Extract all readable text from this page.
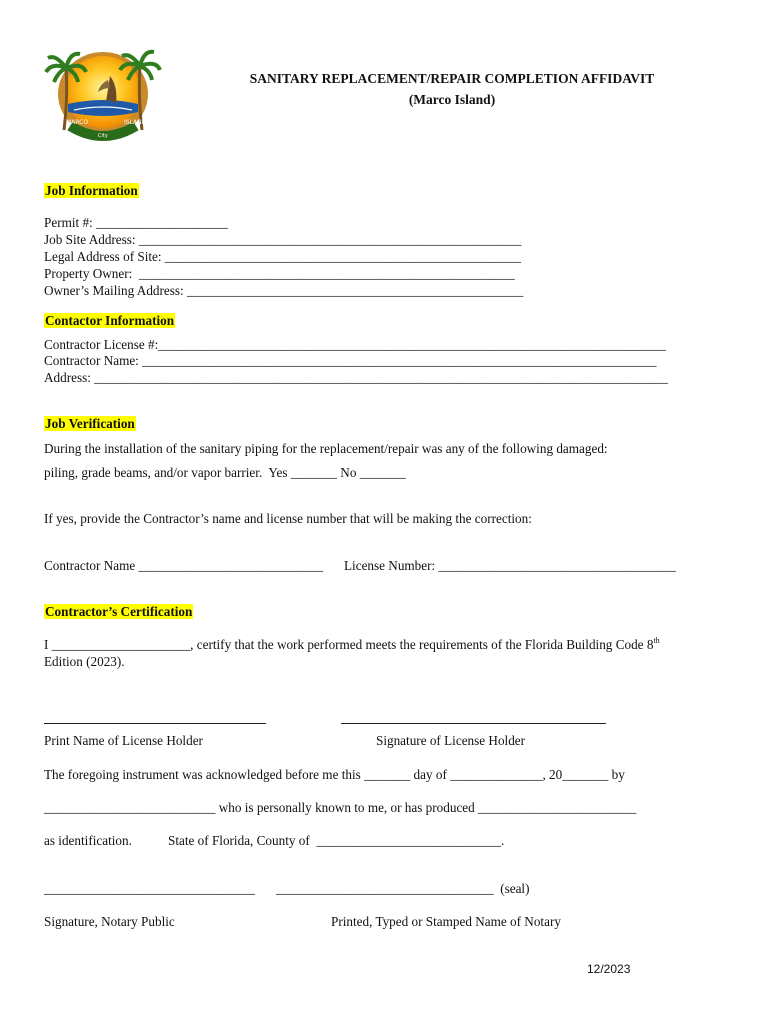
MARCO	ISLAND
City
SANITARY REPLACEMENT/REPAIR COMPLETION AFFIDAVIT
(Marco Island)
Job Information
Permit #: ____________________
Job Site Address: __________________________________________________________
Legal Address of Site: ______________________________________________________
Property Owner:  _________________________________________________________
Owner’s Mailing Address: ___________________________________________________
Contactor Information
Contractor License #:_____________________________________________________________________________
Contractor Name: ______________________________________________________________________________
Address: _______________________________________________________________________________________
Job Verification
During the installation of the sanitary piping for the replacement/repair was any of the following damaged:
piling, grade beams, and/or vapor barrier.  Yes _______ No _______
If yes, provide the Contractor’s name and license number that will be making the correction:
Contractor Name ____________________________ License Number: ____________________________________
Contractor’s Certification
I _____________________, certify that the work performed meets the requirements of the Florida Building Code 8th
Edition (2023).
Print Name of License Holder	Signature of License Holder
The foregoing instrument was acknowledged before me this _______ day of ______________, 20_______ by
__________________________ who is personally known to me, or has produced ________________________
as identification.	State of Florida, County of  ____________________________.
________________________________ _________________________________  (seal)
Signature, Notary Public	Printed, Typed or Stamped Name of Notary
12/2023
